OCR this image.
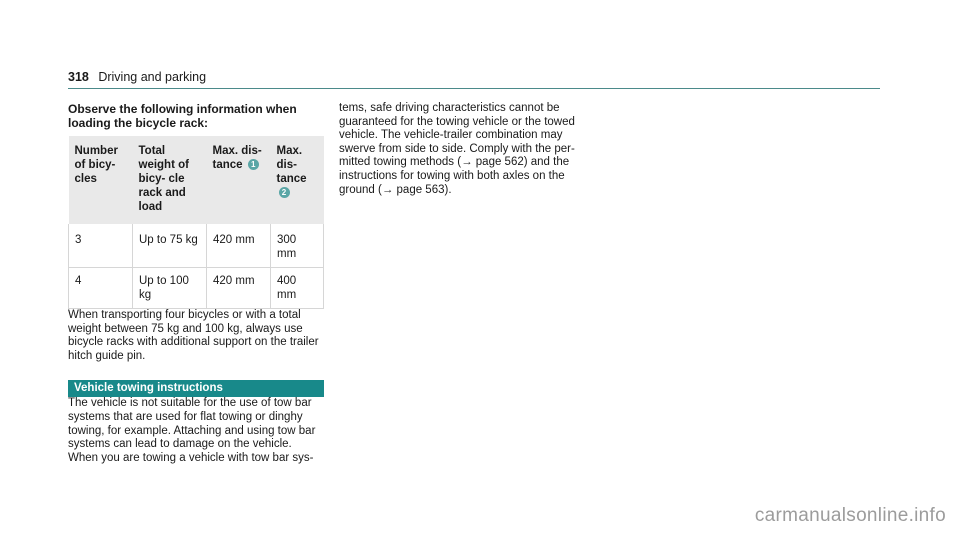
318 Driving and parking

Observe the following information when loading the bicycle rack:

Number of bicy- cles	Total weight of bicy- cle rack and load	Max. dis- tance 1	Max. dis- tance 2
3	Up to 75 kg	420 mm	300 mm
4	Up to 100 kg	420 mm	400 mm

When transporting four bicycles or with a total weight between 75 kg and 100 kg, always use bicycle racks with additional support on the trailer hitch guide pin.

Vehicle towing instructions

The vehicle is not suitable for the use of tow bar systems that are used for flat towing or dinghy towing, for example. Attaching and using tow bar systems can lead to damage on the vehicle. When you are towing a vehicle with tow bar sys-

tems, safe driving characteristics cannot be guaranteed for the towing vehicle or the towed vehicle. The vehicle-trailer combination may swerve from side to side. Comply with the per- mitted towing methods (→ page 562) and the instructions for towing with both axles on the ground (→ page 563).

carmanualsonline.info
